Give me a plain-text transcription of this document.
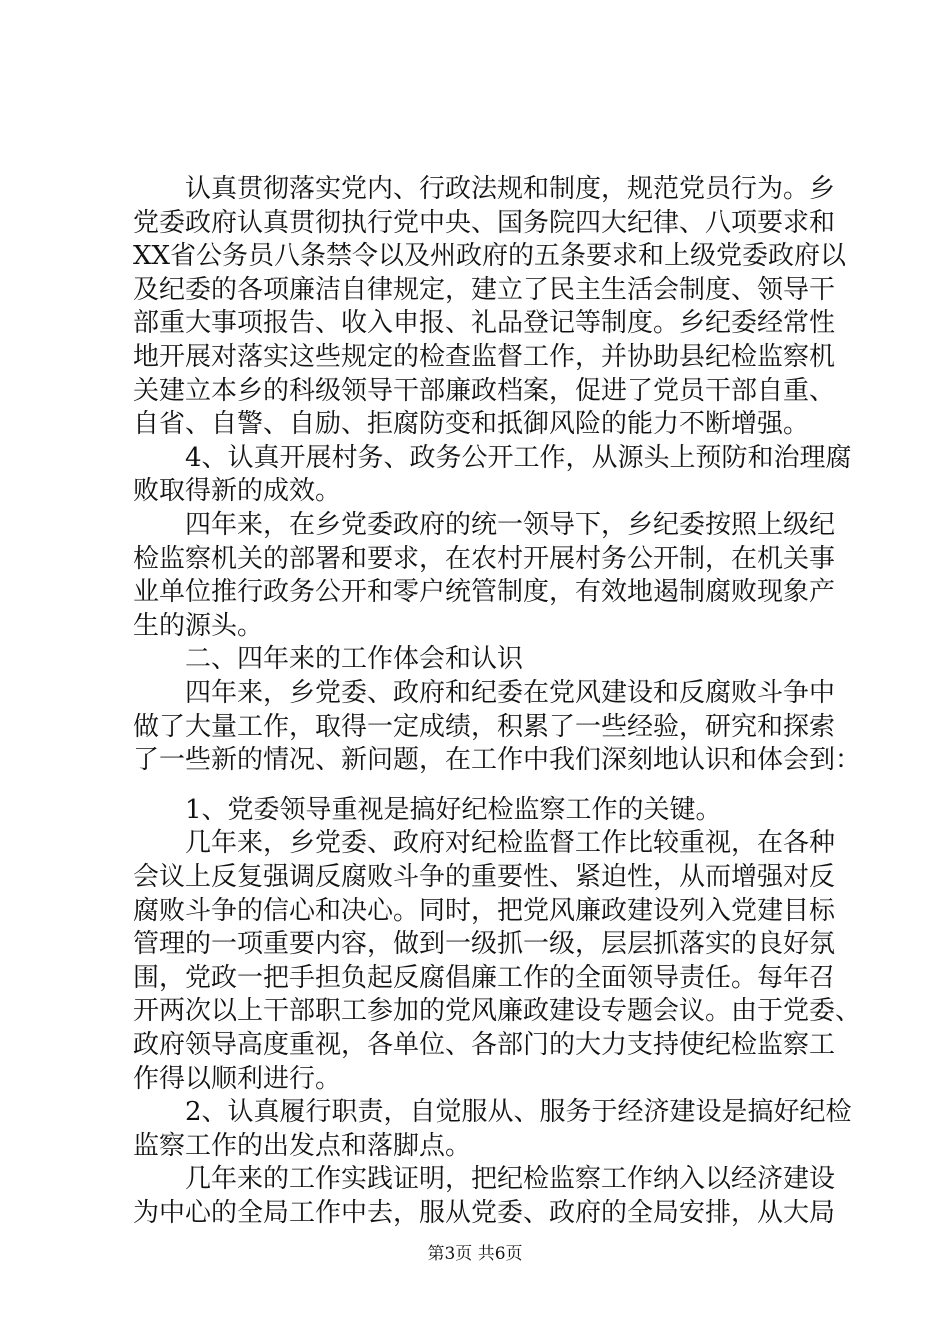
　　认真贯彻落实党内、行政法规和制度，规范党员行为。乡
党委政府认真贯彻执行党中央、国务院四大纪律、八项要求和
XX省公务员八条禁令以及州政府的五条要求和上级党委政府以
及纪委的各项廉洁自律规定，建立了民主生活会制度、领导干
部重大事项报告、收入申报、礼品登记等制度。乡纪委经常性
地开展对落实这些规定的检查监督工作，并协助县纪检监察机
关建立本乡的科级领导干部廉政档案，促进了党员干部自重、
自省、自警、自励、拒腐防变和抵御风险的能力不断增强。
　　4、认真开展村务、政务公开工作，从源头上预防和治理腐
败取得新的成效。
　　四年来，在乡党委政府的统一领导下，乡纪委按照上级纪
检监察机关的部署和要求，在农村开展村务公开制，在机关事
业单位推行政务公开和零户统管制度，有效地遏制腐败现象产
生的源头。
　　二、四年来的工作体会和认识
　　四年来，乡党委、政府和纪委在党风建设和反腐败斗争中
做了大量工作，取得一定成绩，积累了一些经验，研究和探索
了一些新的情况、新问题，在工作中我们深刻地认识和体会到：
　　1、党委领导重视是搞好纪检监察工作的关键。
　　几年来，乡党委、政府对纪检监督工作比较重视，在各种
会议上反复强调反腐败斗争的重要性、紧迫性，从而增强对反
腐败斗争的信心和决心。同时，把党风廉政建设列入党建目标
管理的一项重要内容，做到一级抓一级，层层抓落实的良好氛
围，党政一把手担负起反腐倡廉工作的全面领导责任。每年召
开两次以上干部职工参加的党风廉政建设专题会议。由于党委、
政府领导高度重视，各单位、各部门的大力支持使纪检监察工
作得以顺利进行。
　　2、认真履行职责，自觉服从、服务于经济建设是搞好纪检
监察工作的出发点和落脚点。
　　几年来的工作实践证明，把纪检监察工作纳入以经济建设
为中心的全局工作中去，服从党委、政府的全局安排，从大局
第3页 共6页
